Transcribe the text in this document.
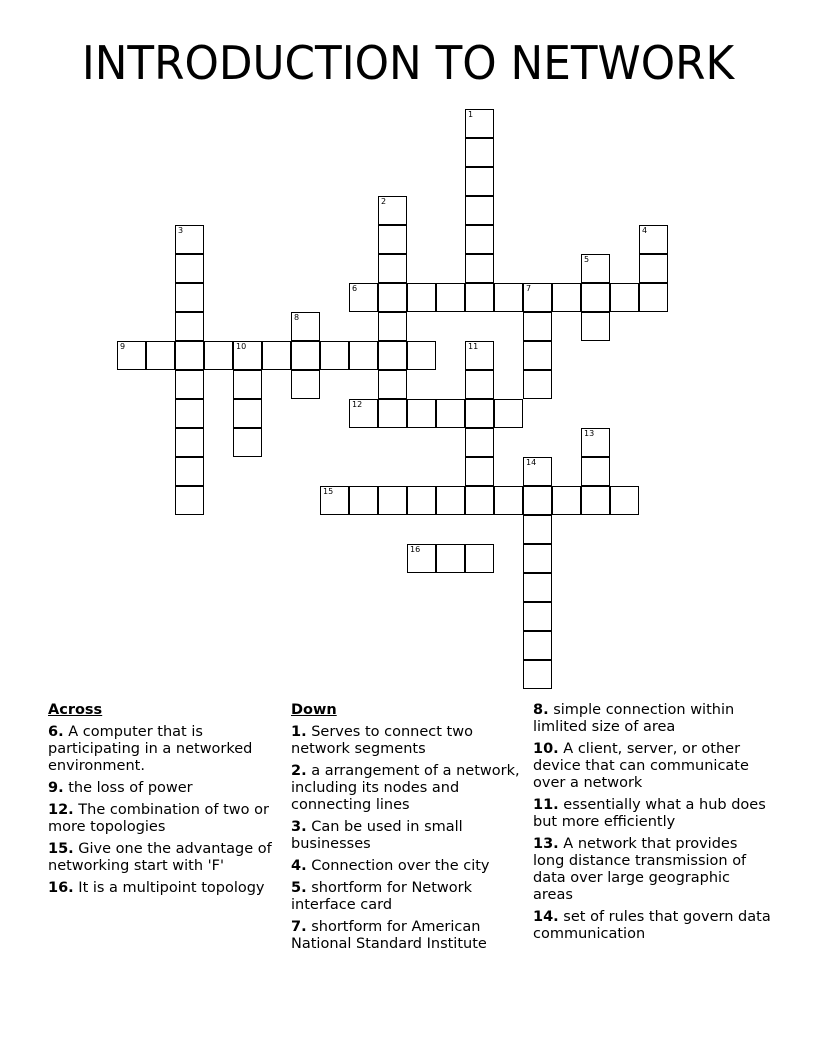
INTRODUCTION TO NETWORK
1
2
3	4
5
6	7
8
9	10	11
12
13
14
15
16
Across
6. A computer that is participating in a networked environment.
9. the loss of power
12. The combination of two or more topologies
15. Give one the advantage of networking start with 'F'
16. It is a multipoint topology
Down
1. Serves to connect two network segments
2. a arrangement of a network, including its nodes and connecting lines
3. Can be used in small businesses
4. Connection over the city
5. shortform for Network interface card
7. shortform for American National Standard Institute
8. simple connection within limlited size of area
10. A client, server, or other device that can communicate over a network
11. essentially what a hub does but more efficiently
13. A network that provides long distance transmission of data over large geographic areas
14. set of rules that govern data communication
